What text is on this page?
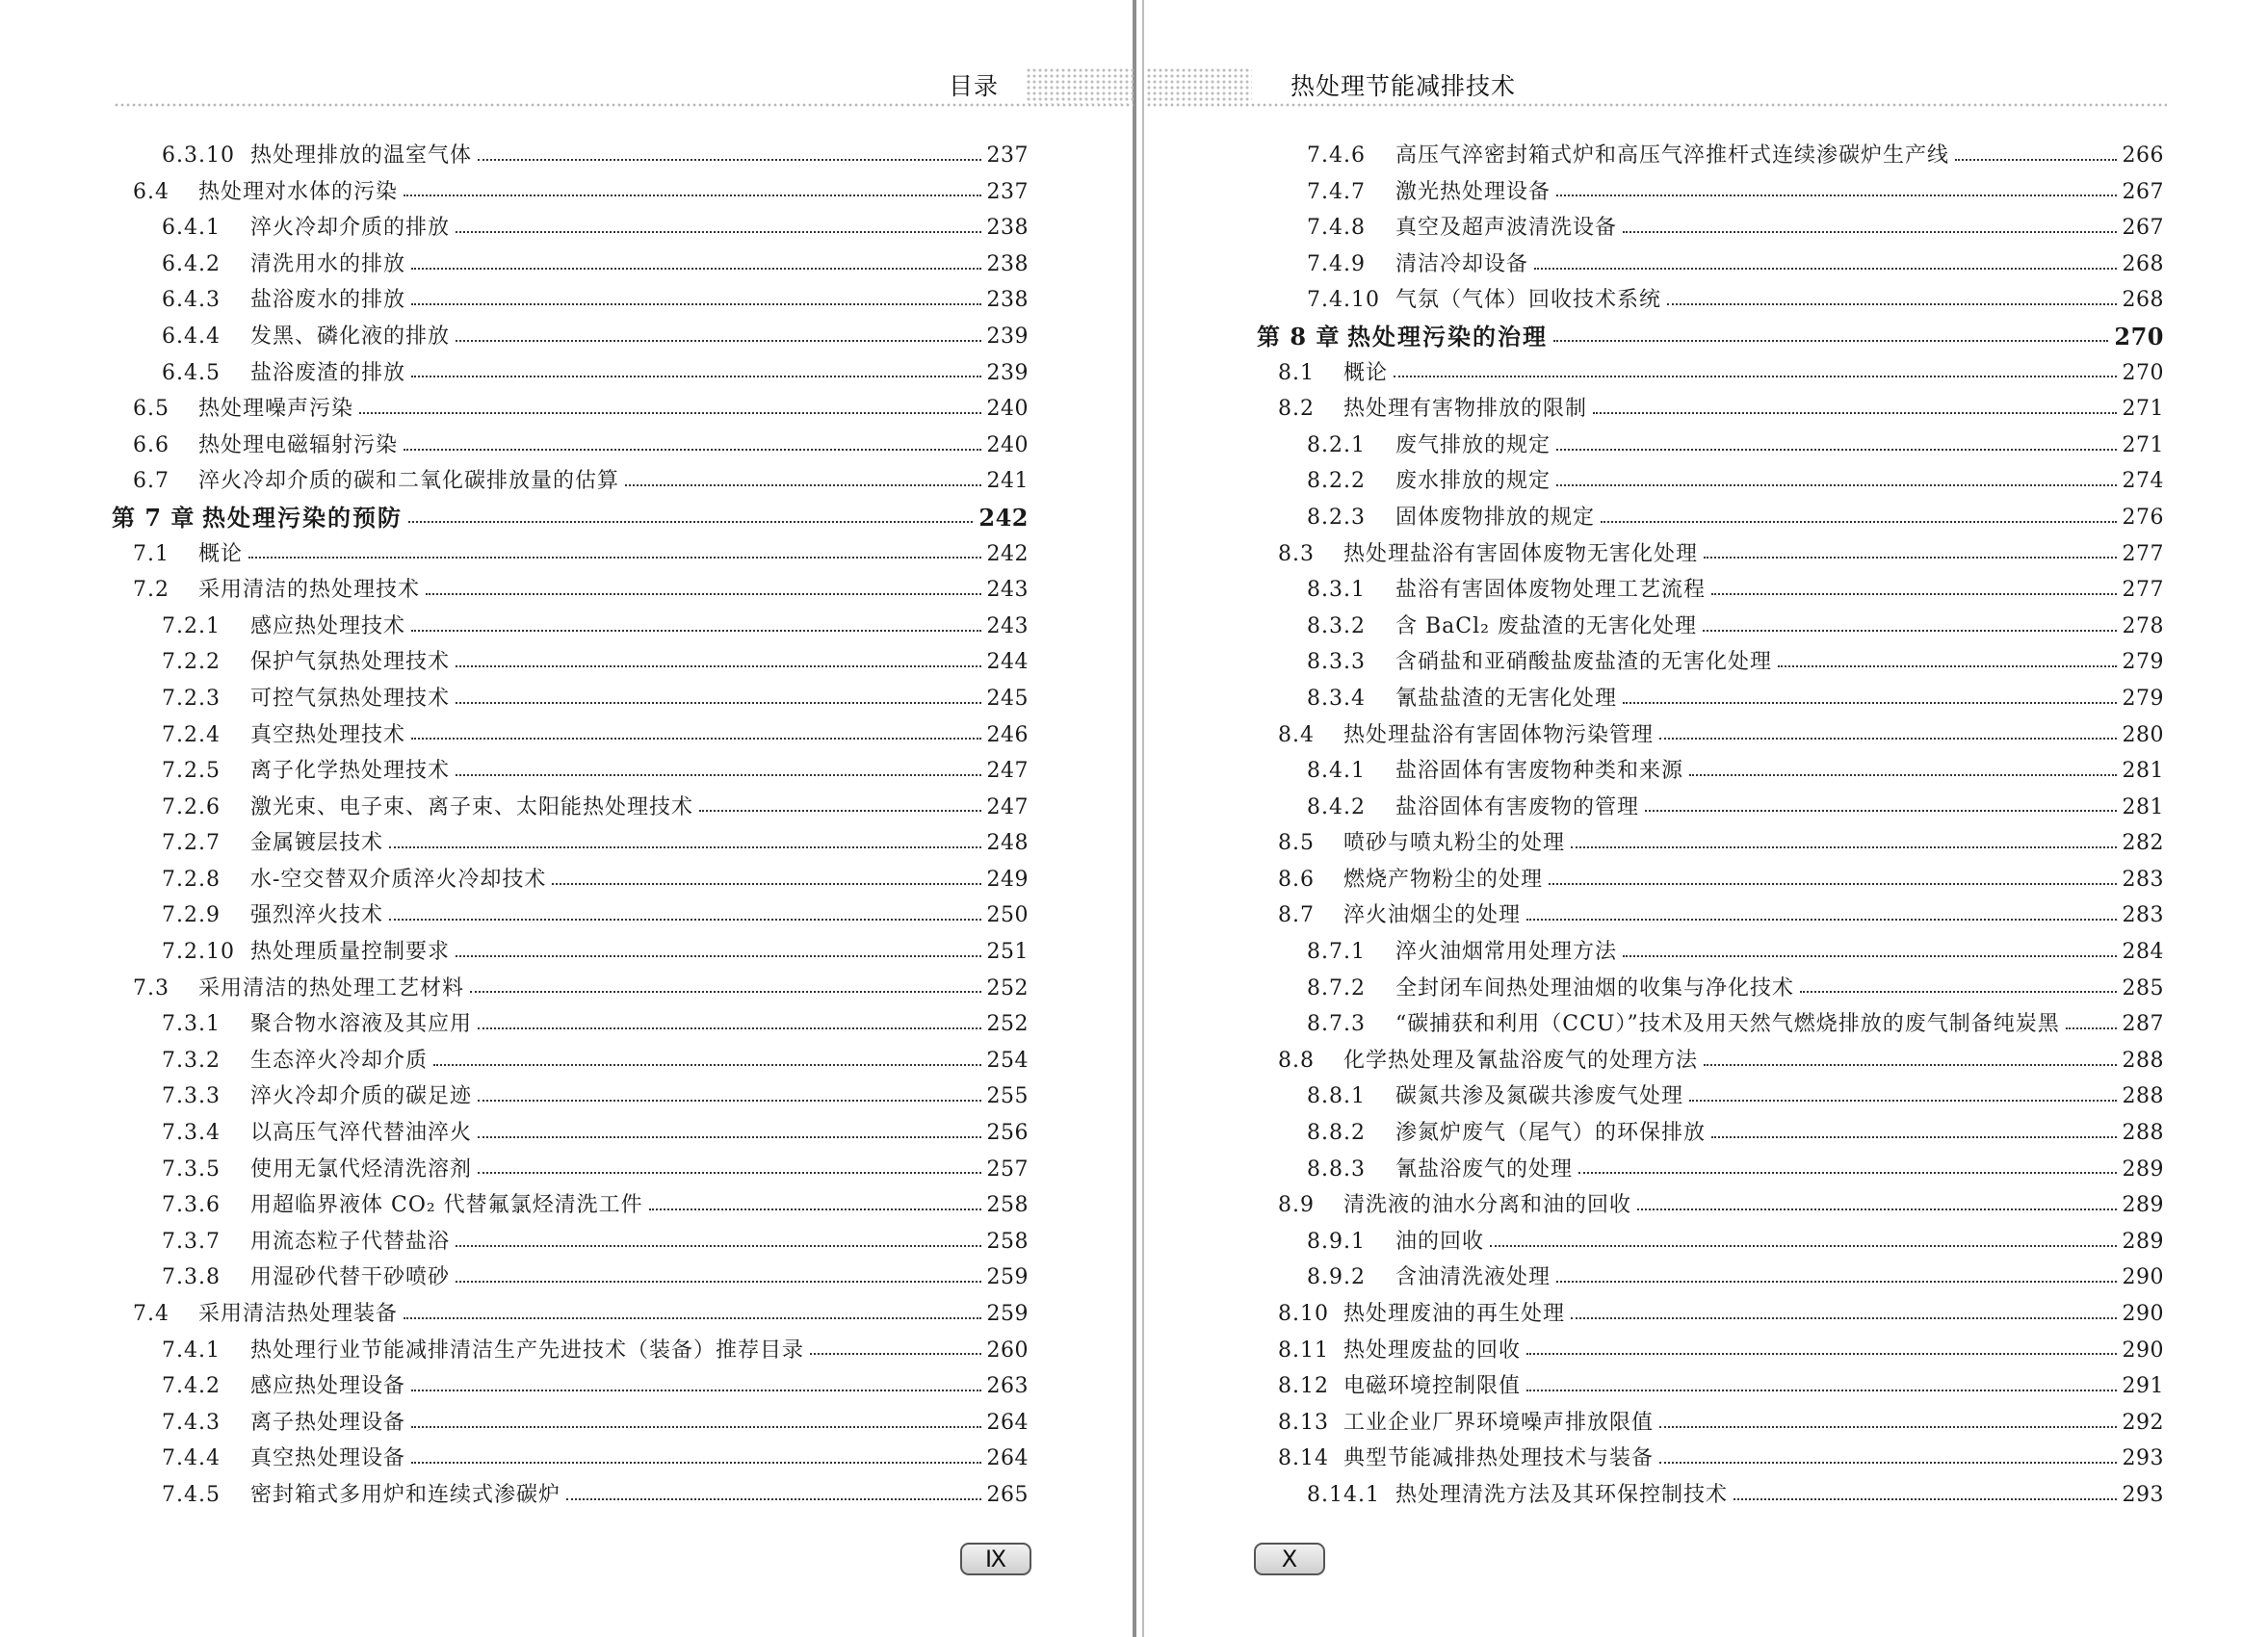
目录
6.3.10 热处理排放的温室气体	237
6.4	热处理对水体的污染	237
6.4.1	淬火冷却介质的排放	238
6.4.2	清洗用水的排放	238
6.4.3	盐浴废水的排放	238
6.4.4	发黑、磷化液的排放	239
6.4.5	盐浴废渣的排放	239
6.5	热处理噪声污染	240
6.6	热处理电磁辐射污染	240
6.7	淬火冷却介质的碳和二氧化碳排放量的估算	241
第 7 章 热处理污染的预防	242
7.1	概论	242
7.2	采用清洁的热处理技术	243
7.2.1	感应热处理技术	243
7.2.2	保护气氛热处理技术	244
7.2.3	可控气氛热处理技术	245
7.2.4	真空热处理技术	246
7.2.5	离子化学热处理技术	247
7.2.6	激光束、电子束、离子束、太阳能热处理技术	247
7.2.7	金属镀层技术	248
7.2.8	水-空交替双介质淬火冷却技术	249
7.2.9	强烈淬火技术	250
7.2.10 热处理质量控制要求	251
7.3	采用清洁的热处理工艺材料	252
7.3.1	聚合物水溶液及其应用	252
7.3.2	生态淬火冷却介质	254
7.3.3	淬火冷却介质的碳足迹	255
7.3.4	以高压气淬代替油淬火	256
7.3.5	使用无氯代烃清洗溶剂	257
7.3.6	用超临界液体 CO₂ 代替氟氯烃清洗工件	258
7.3.7	用流态粒子代替盐浴	258
7.3.8	用湿砂代替干砂喷砂	259
7.4	采用清洁热处理装备	259
7.4.1	热处理行业节能减排清洁生产先进技术（装备）推荐目录	260
7.4.2	感应热处理设备	263
7.4.3	离子热处理设备	264
7.4.4	真空热处理设备	264
7.4.5	密封箱式多用炉和连续式渗碳炉	265
Ⅸ
热处理节能减排技术
7.4.6	高压气淬密封箱式炉和高压气淬推杆式连续渗碳炉生产线	266
7.4.7	激光热处理设备	267
7.4.8	真空及超声波清洗设备	267
7.4.9	清洁冷却设备	268
7.4.10 气氛（气体）回收技术系统	268
第 8 章 热处理污染的治理	270
8.1	概论	270
8.2	热处理有害物排放的限制	271
8.2.1	废气排放的规定	271
8.2.2	废水排放的规定	274
8.2.3	固体废物排放的规定	276
8.3	热处理盐浴有害固体废物无害化处理	277
8.3.1	盐浴有害固体废物处理工艺流程	277
8.3.2	含 BaCl₂ 废盐渣的无害化处理	278
8.3.3	含硝盐和亚硝酸盐废盐渣的无害化处理	279
8.3.4	氰盐盐渣的无害化处理	279
8.4	热处理盐浴有害固体物污染管理	280
8.4.1	盐浴固体有害废物种类和来源	281
8.4.2	盐浴固体有害废物的管理	281
8.5	喷砂与喷丸粉尘的处理	282
8.6	燃烧产物粉尘的处理	283
8.7	淬火油烟尘的处理	283
8.7.1	淬火油烟常用处理方法	284
8.7.2	全封闭车间热处理油烟的收集与净化技术	285
8.7.3	“碳捕获和利用（CCU）”技术及用天然气燃烧排放的废气制备纯炭黑	287
8.8	化学热处理及氰盐浴废气的处理方法	288
8.8.1	碳氮共渗及氮碳共渗废气处理	288
8.8.2	渗氮炉废气（尾气）的环保排放	288
8.8.3	氰盐浴废气的处理	289
8.9	清洗液的油水分离和油的回收	289
8.9.1	油的回收	289
8.9.2	含油清洗液处理	290
8.10 热处理废油的再生处理	290
8.11 热处理废盐的回收	290
8.12 电磁环境控制限值	291
8.13 工业企业厂界环境噪声排放限值	292
8.14 典型节能减排热处理技术与装备	293
8.14.1 热处理清洗方法及其环保控制技术	293
Ⅹ
